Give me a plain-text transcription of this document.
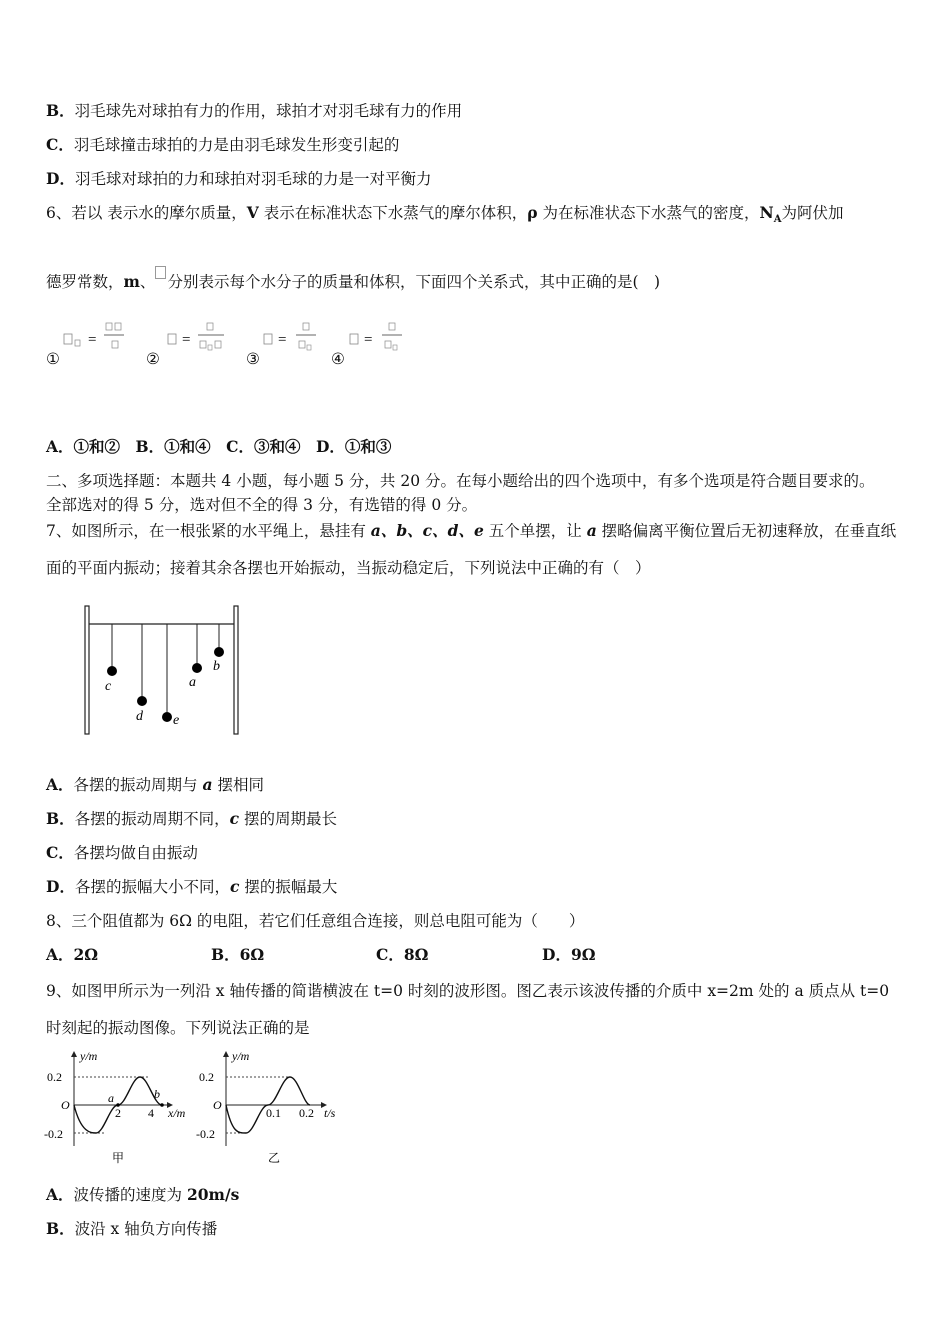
B．羽毛球先对球拍有力的作用，球拍才对羽毛球有力的作用
C．羽毛球撞击球拍的力是由羽毛球发生形变引起的
D．羽毛球对球拍的力和球拍对羽毛球的力是一对平衡力
6、若以 表示水的摩尔质量，V 表示在标准状态下水蒸气的摩尔体积，ρ 为在标准状态下水蒸气的密度，$N_A$为阿伏加
德罗常数，m、 分别表示每个水分子的质量和体积，下面四个关系式，其中正确的是(　)
=	=	=	=
①	②	③	④
A．①和②　B．①和④　C．③和④　D．①和③
二、多项选择题：本题共 4 小题，每小题 5 分，共 20 分。在每小题给出的四个选项中，有多个选项是符合题目要求的。
全部选对的得 5 分，选对但不全的得 3 分，有选错的得 0 分。
7、如图所示，在一根张紧的水平绳上，悬挂有 a、b、c、d、e 五个单摆，让 a 摆略偏离平衡位置后无初速释放，在垂直纸
面的平面内振动；接着其余各摆也开始振动，当振动稳定后，下列说法中正确的有（　）
c
d e
a
b
A．各摆的振动周期与 a 摆相同
B．各摆的振动周期不同，c 摆的周期最长
C．各摆均做自由振动
D．各摆的振幅大小不同，c 摆的振幅最大
8、三个阻值都为 6Ω 的电阻，若它们任意组合连接，则总电阻可能为（　　）
A．2Ω	B．6Ω	C．8Ω	D．9Ω
9、如图甲所示为一列沿 x 轴传播的简谐横波在 t=0 时刻的波形图。图乙表示该波传播的介质中 x=2m 处的 a 质点从 t=0
时刻起的振动图像。下列说法正确的是
y/m
0.2
-0.2
O	a	b
2 4 x/m
甲
y/m
0.2
-0.2
O
0.1 0.2 t/s
乙
A．波传播的速度为 20m/s
B．波沿 x 轴负方向传播
